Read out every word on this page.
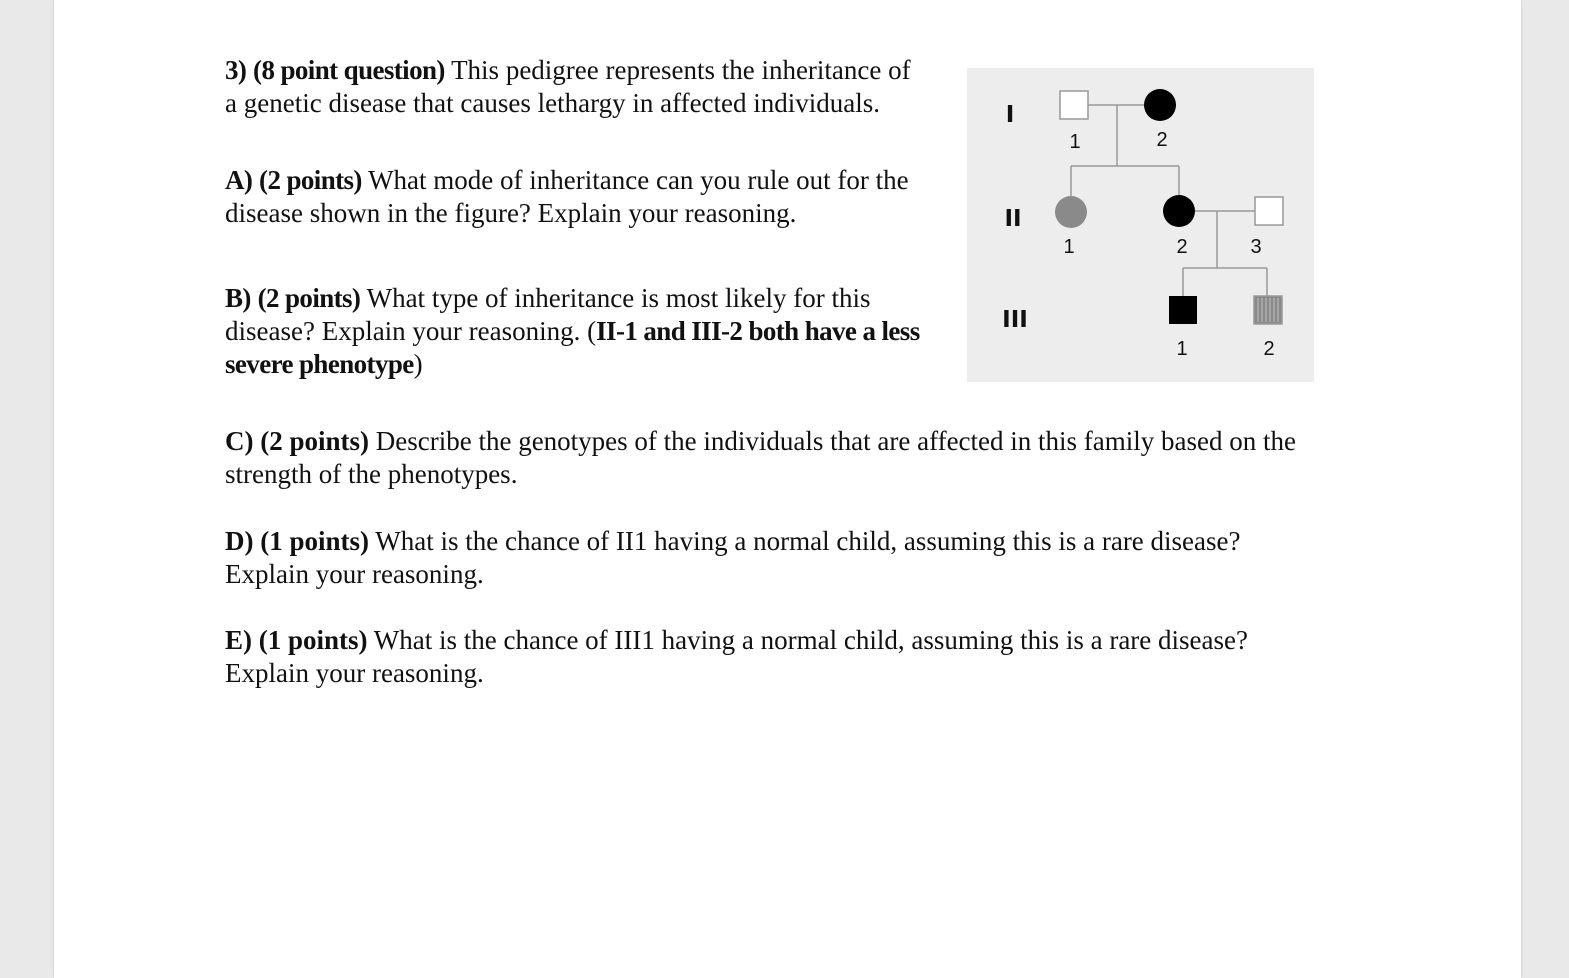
3) (8 point question) This pedigree represents the inheritance of a genetic disease that causes lethargy in affected individuals.

A) (2 points) What mode of inheritance can you rule out for the disease shown in the figure? Explain your reasoning.

B) (2 points) What type of inheritance is most likely for this disease? Explain your reasoning. (II-1 and III-2 both have a less severe phenotype)

I
II
III
1	2
1	2	3
1	2

C) (2 points) Describe the genotypes of the individuals that are affected in this family based on the strength of the phenotypes.

D) (1 points) What is the chance of II1 having a normal child, assuming this is a rare disease? Explain your reasoning.

E) (1 points) What is the chance of III1 having a normal child, assuming this is a rare disease? Explain your reasoning.
